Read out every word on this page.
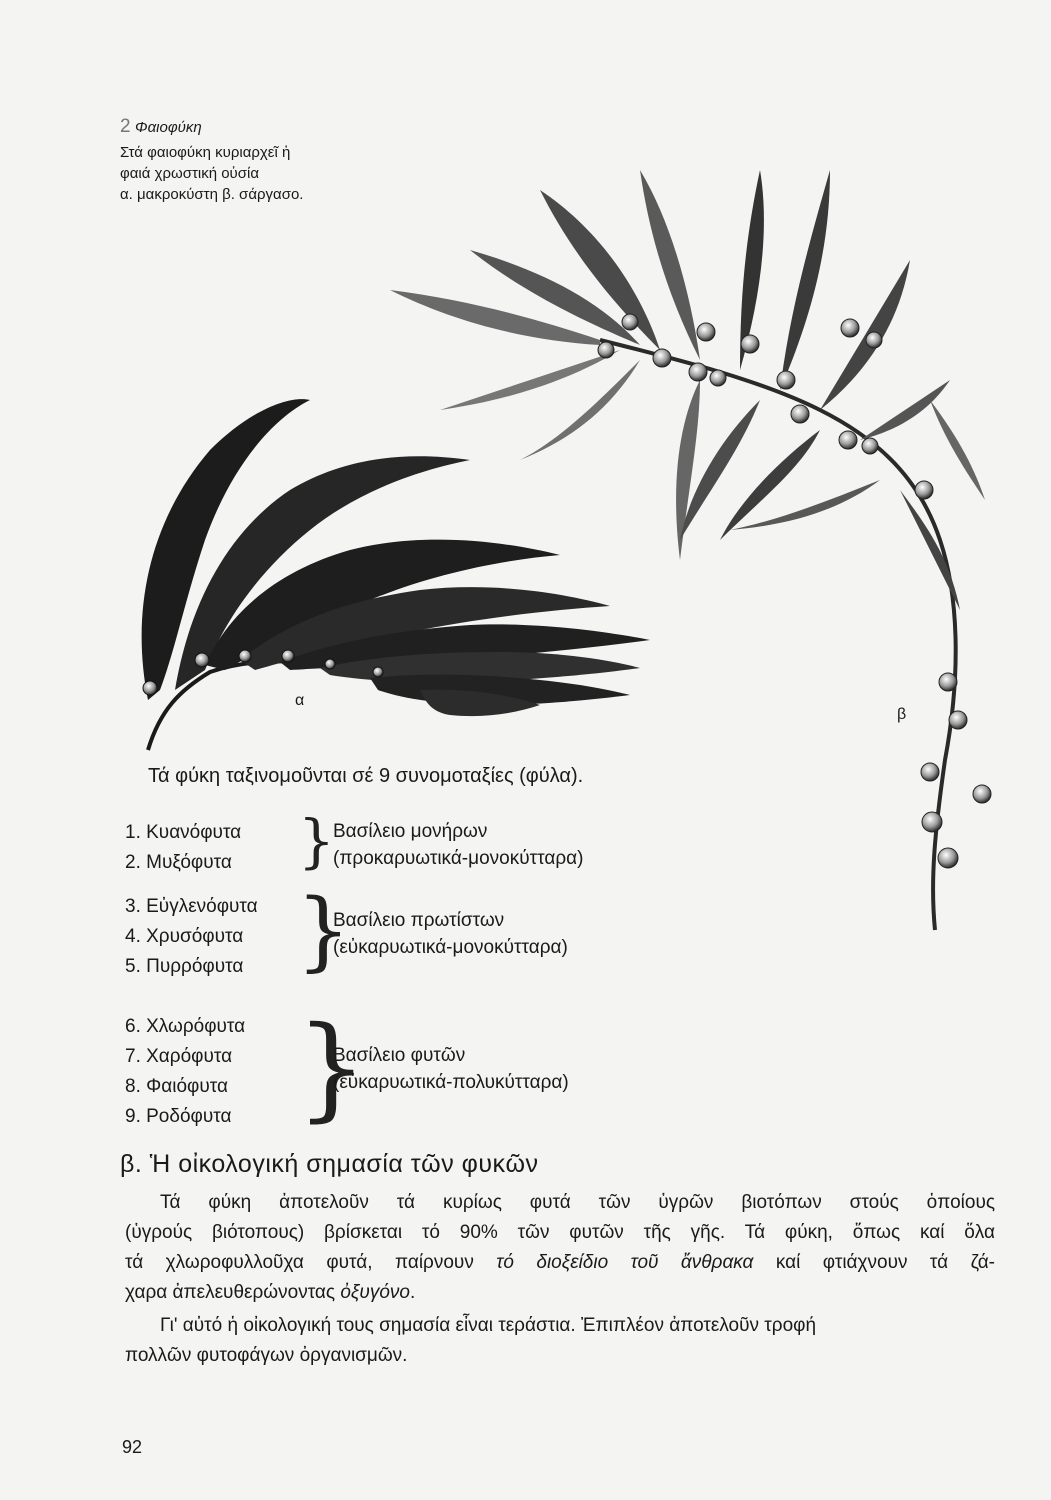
2 Φαιοφύκη
Στά φαιοφύκη κυριαρχεῖ ἡ
φαιά χρωστική οὐσία
α. μακροκύστη β. σάργασο.
α
β
Τά φύκη ταξινομοῦνται σέ 9 συνομοταξίες (φύλα).
1. Κυανόφυτα
2. Μυξόφυτα }
Βασίλειο μονήρων
(προκαρυωτικά-μονοκύτταρα)
3. Εὐγλενόφυτα
4. Χρυσόφυτα
5. Πυρρόφυτα }
Βασίλειο πρωτίστων
(εὐκαρυωτικά-μονοκύτταρα)
6. Χλωρόφυτα
7. Χαρόφυτα
8. Φαιόφυτα
9. Ροδόφυτα }
Βασίλειο φυτῶν
(εὐκαρυωτικά-πολυκύτταρα)
β. Ἡ οἰκολογική σημασία τῶν φυκῶν
Τά φύκη ἀποτελοῦν τά κυρίως φυτά τῶν ὑγρῶν βιοτόπων στούς ὁποίους
(ὑγρούς βιότοπους) βρίσκεται τό 90% τῶν φυτῶν τῆς γῆς. Τά φύκη, ὅπως καί ὅλα
τά χλωροφυλλοῦχα φυτά, παίρνουν τό διοξείδιο τοῦ ἄνθρακα καί φτιάχνουν τά ζά-
χαρα ἀπελευθερώνοντας ὀξυγόνο.
Γι' αὐτό ἡ οἰκολογική τους σημασία εἶναι τεράστια. Ἐπιπλέον ἀποτελοῦν τροφή
πολλῶν φυτοφάγων ὀργανισμῶν.
92
